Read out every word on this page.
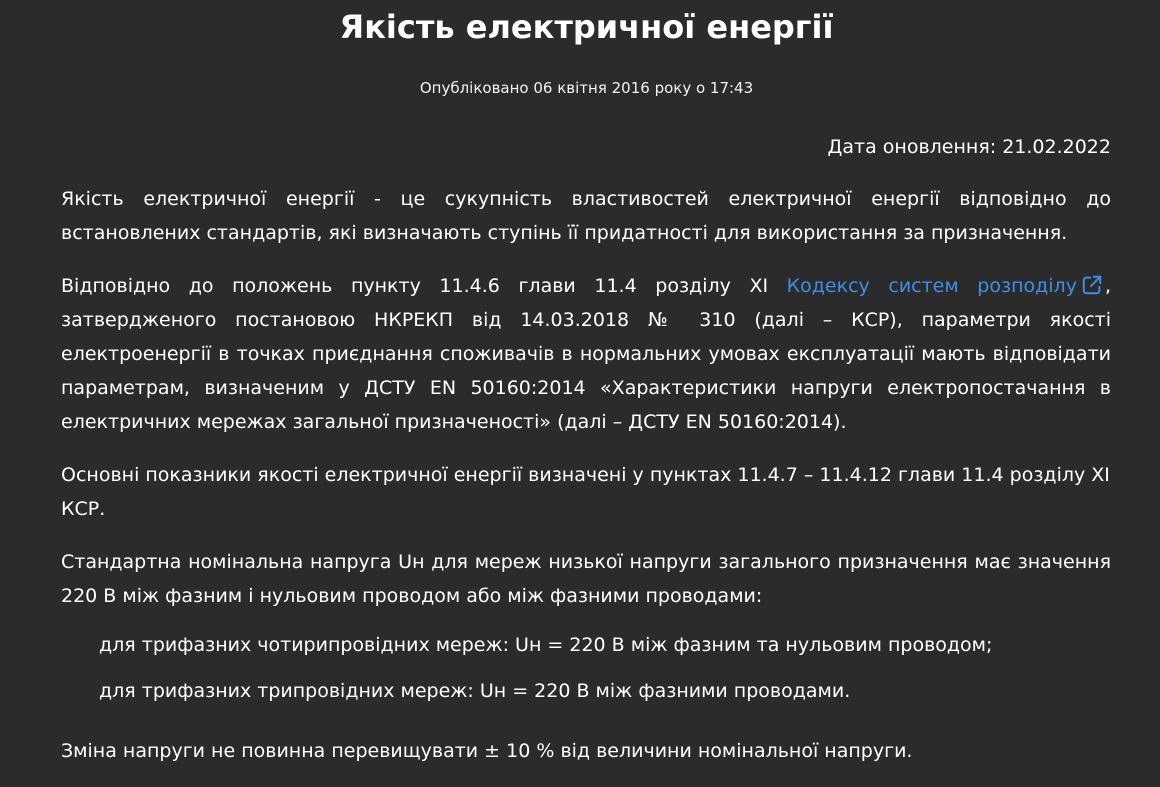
Якість електричної енергії
Опубліковано 06 квітня 2016 року о 17:43
Дата оновлення: 21.02.2022

Якість електричної енергії - це сукупність властивостей електричної енергії відповідно до встановлених стандартів, які визначають ступінь її придатності для використання за призначення.

Відповідно до положень пункту 11.4.6 глави 11.4 розділу ХІ Кодексу систем розподілу , затвердженого постановою НКРЕКП від 14.03.2018 № 310 (далі – КСР), параметри якості електроенергії в точках приєднання споживачів в нормальних умовах експлуатації мають відповідати параметрам, визначеним у ДСТУ EN 50160:2014 «Характеристики напруги електропостачання в електричних мережах загальної призначеності» (далі – ДСТУ EN 50160:2014).

Основні показники якості електричної енергії визначені у пунктах 11.4.7 – 11.4.12 глави 11.4 розділу ХІ КСР.

Стандартна номінальна напруга Uн для мереж низької напруги загального призначення має значення 220 В між фазним і нульовим проводом або між фазними проводами:

для трифазних чотирипровідних мереж: Uн = 220 В між фазним та нульовим проводом;
для трифазних трипровідних мереж: Uн = 220 В між фазними проводами.

Зміна напруги не повинна перевищувати ± 10 % від величини номінальної напруги.
